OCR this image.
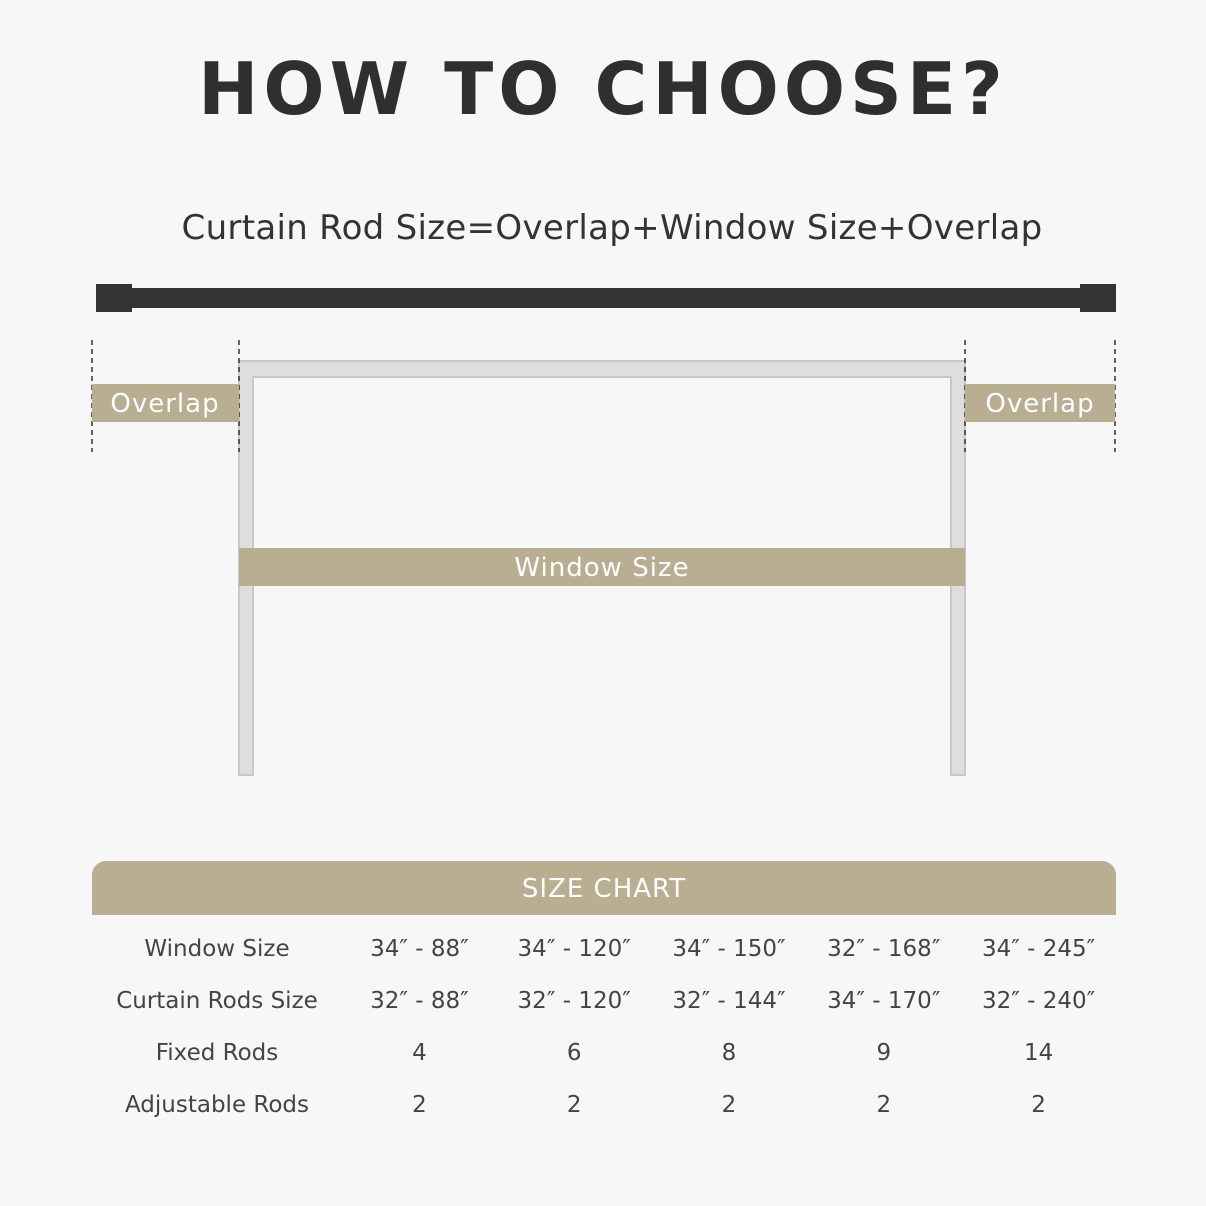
HOW TO CHOOSE?
Curtain Rod Size=Overlap+Window Size+Overlap
Overlap	Overlap
Window Size
SIZE CHART
Window Size	34″ - 88″	34″ - 120″	34″ - 150″	32″ - 168″	34″ - 245″
Curtain Rods Size	32″ - 88″	32″ - 120″	32″ - 144″	34″ - 170″	32″ - 240″
Fixed Rods	4	6	8	9	14
Adjustable Rods	2	2	2	2	2
